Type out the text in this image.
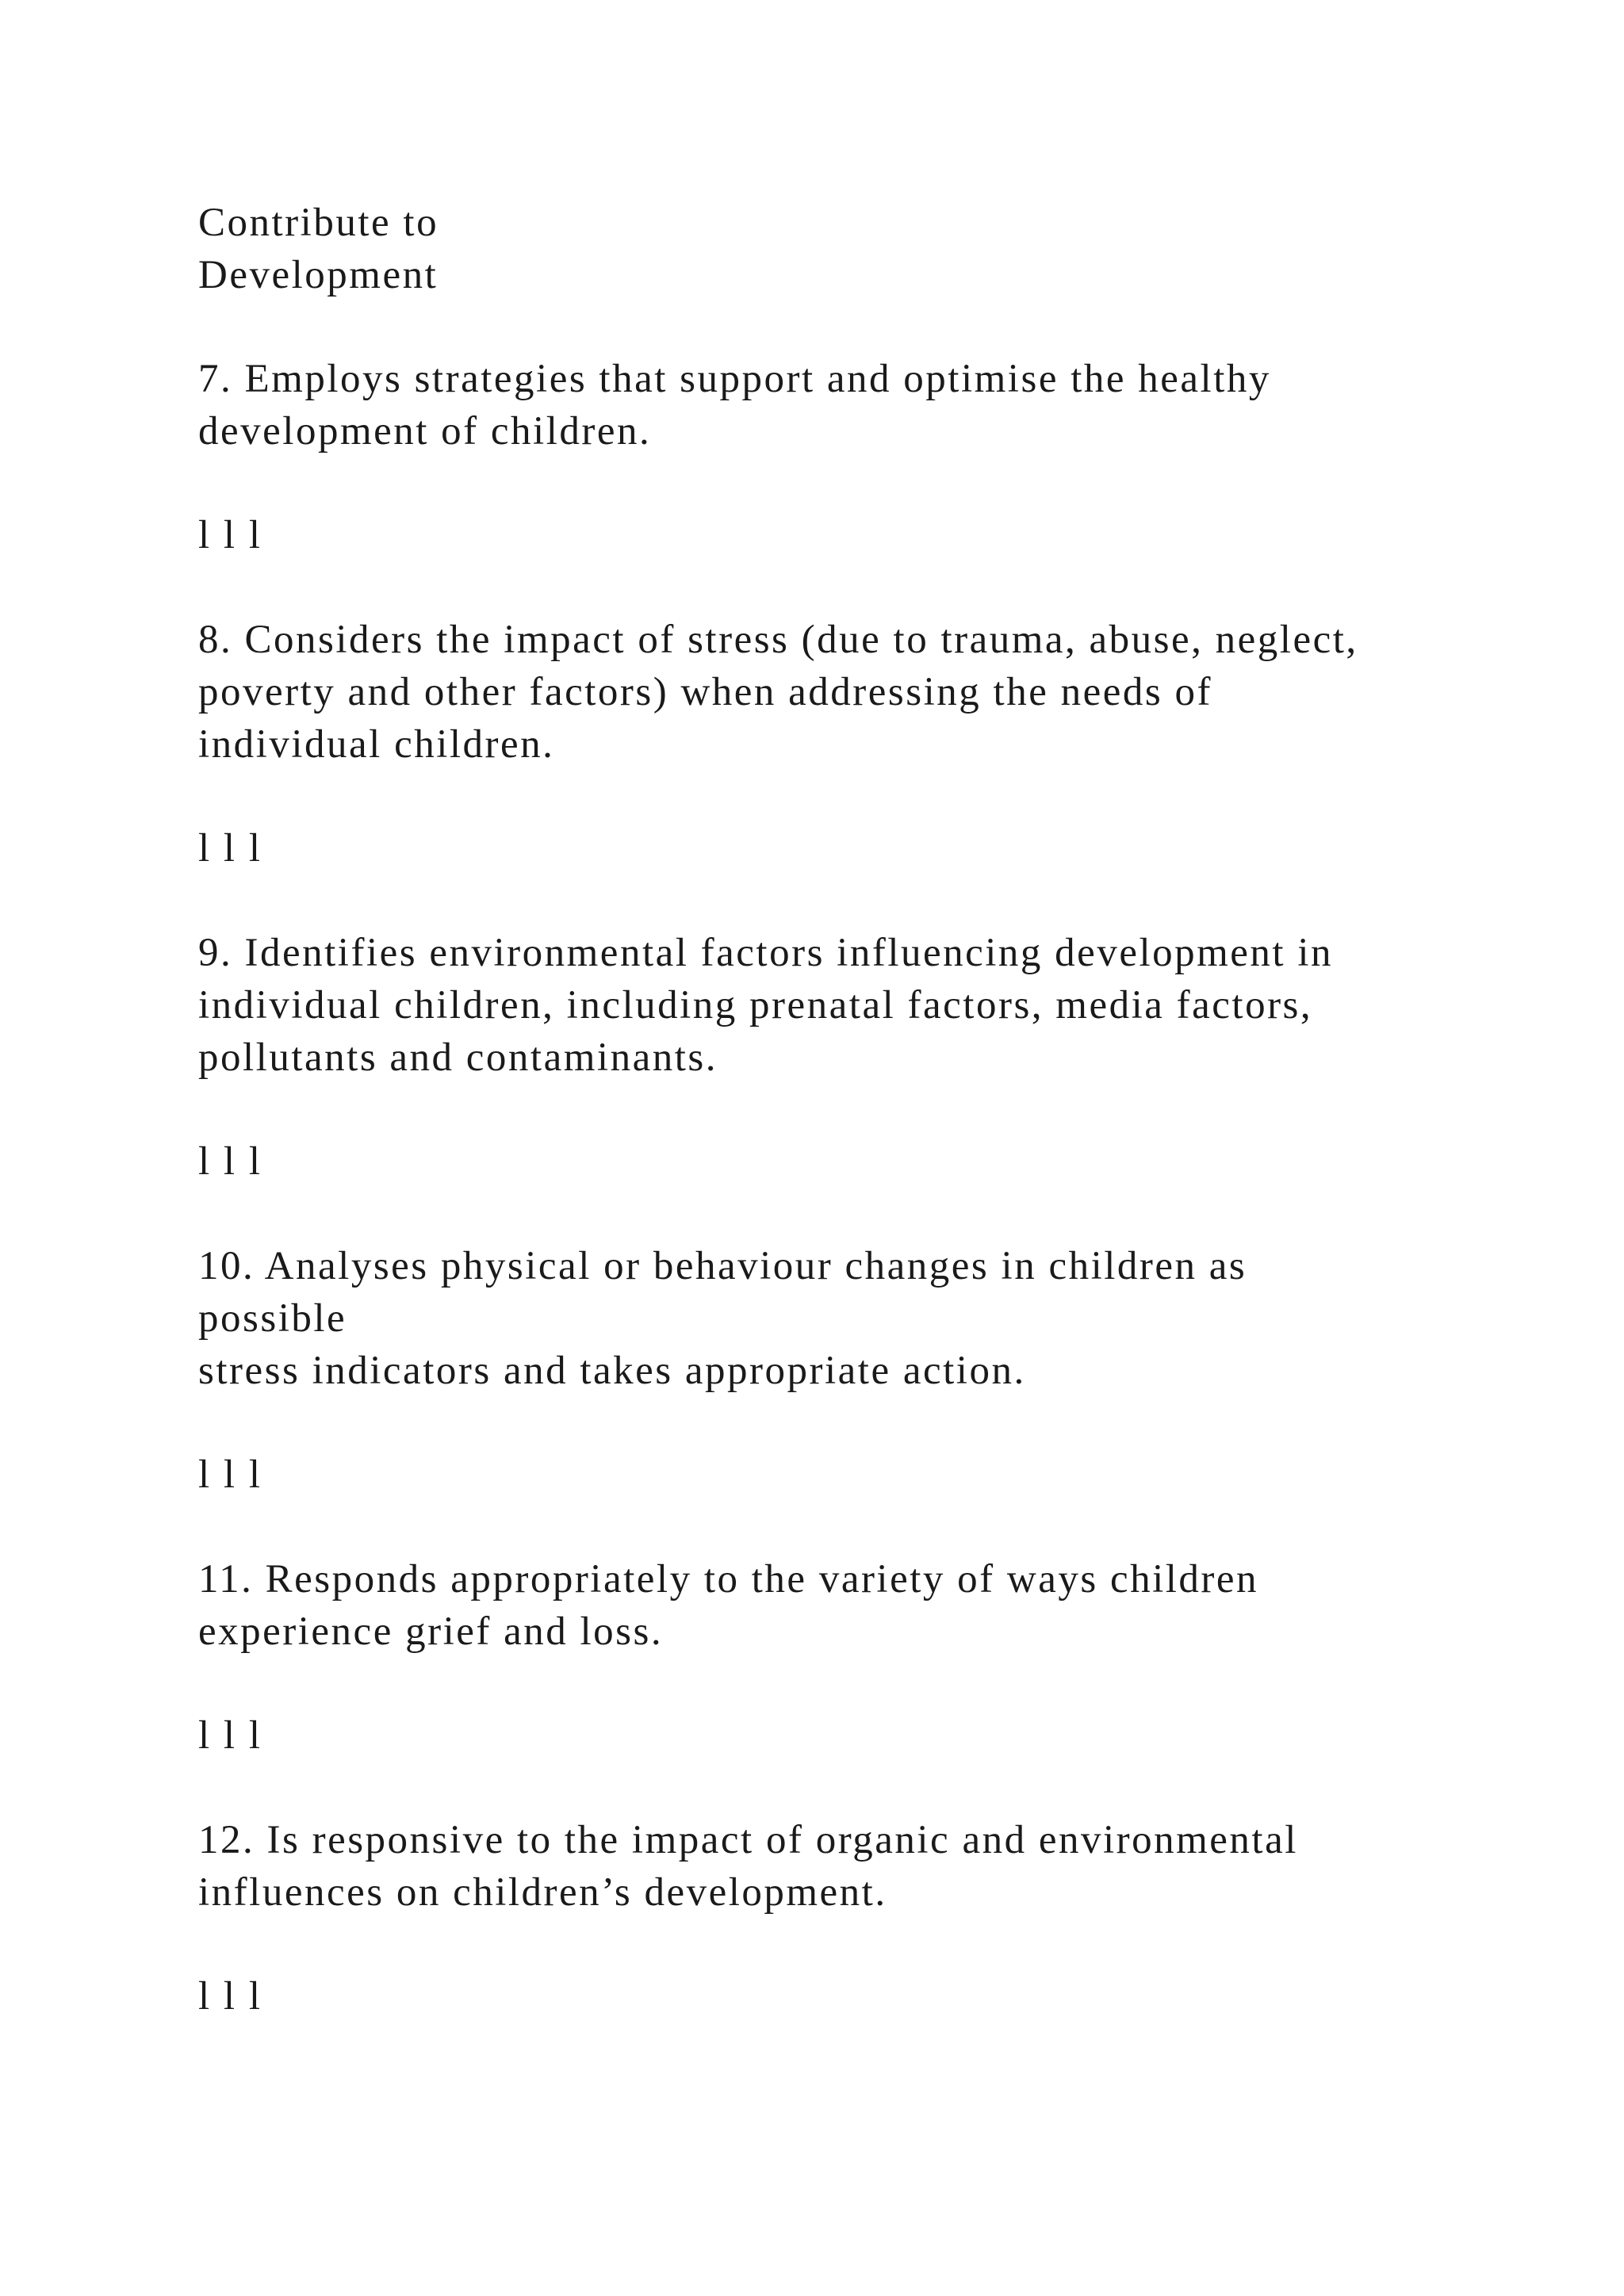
Contribute to
Development
7. Employs strategies that support and optimise the healthy
development of children.
l l l
8. Considers the impact of stress (due to trauma, abuse, neglect,
poverty and other factors) when addressing the needs of
individual children.
l l l
9. Identifies environmental factors influencing development in
individual children, including prenatal factors, media factors,
pollutants and contaminants.
l l l
10. Analyses physical or behaviour changes in children as
possible
stress indicators and takes appropriate action.
l l l
11. Responds appropriately to the variety of ways children
experience grief and loss.
l l l
12. Is responsive to the impact of organic and environmental
influences on children’s development.
l l l
